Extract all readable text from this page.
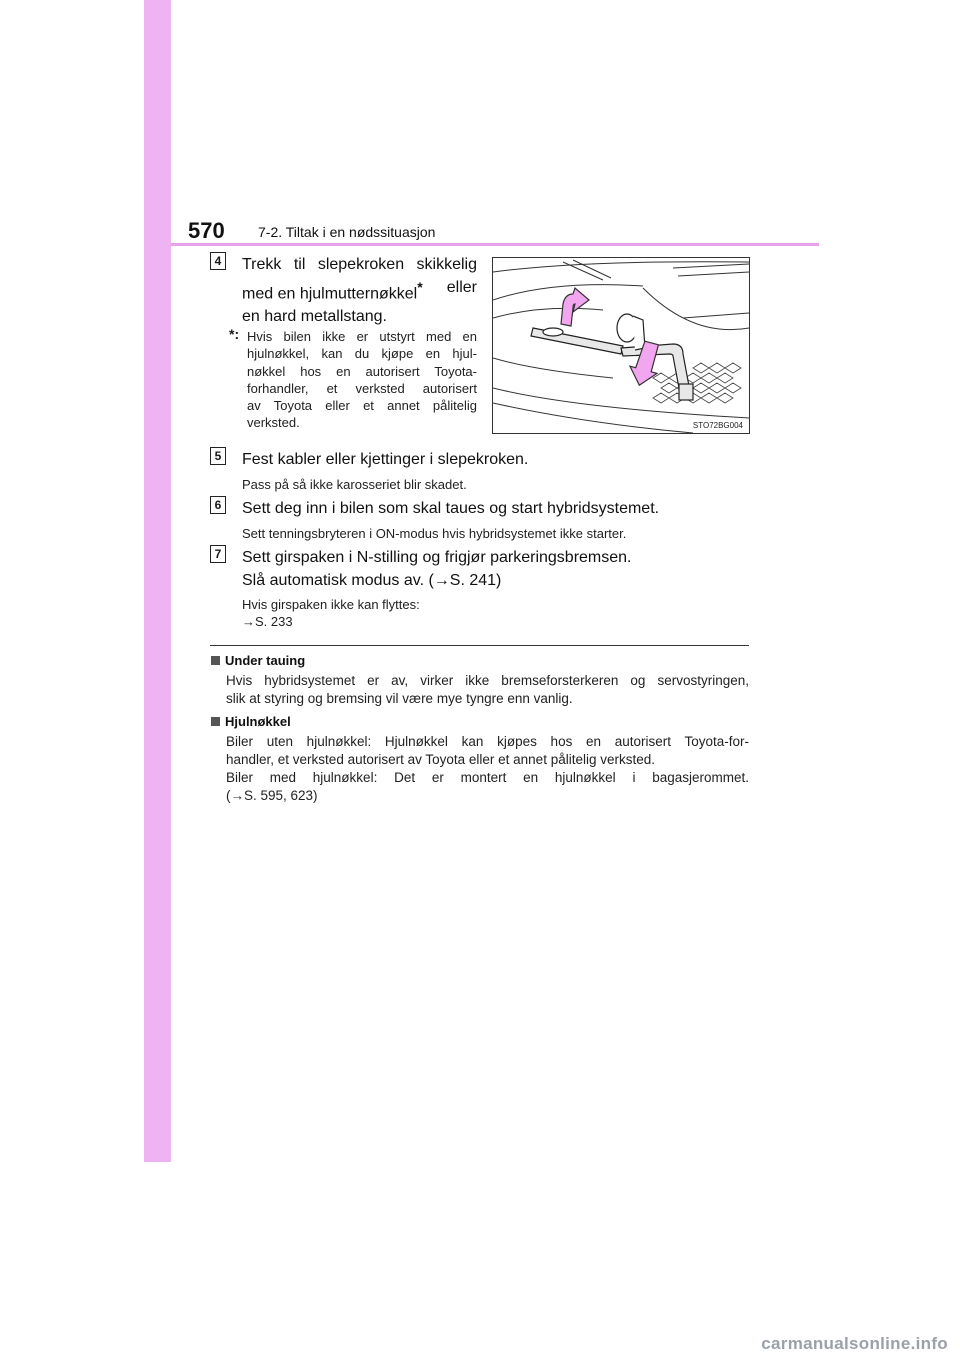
570 7-2. Tiltak i en nødssituasjon
4 Trekk til slepekroken skikkelig
med en hjulmutternøkkel* eller
en hard metallstang.
*: Hvis bilen ikke er utstyrt med en
hjulnøkkel, kan du kjøpe en hjul-
nøkkel hos en autorisert Toyota-
forhandler, et verksted autorisert
av Toyota eller et annet pålitelig
verksted.	STO72BG004
5 Fest kabler eller kjettinger i slepekroken.
Pass på så ikke karosseriet blir skadet.
6 Sett deg inn i bilen som skal taues og start hybridsystemet.
Sett tenningsbryteren i ON-modus hvis hybridsystemet ikke starter.
7 Sett girspaken i N-stilling og frigjør parkeringsbremsen.
Slå automatisk modus av. (→S. 241)
Hvis girspaken ikke kan flyttes:
→S. 233
Under tauing
Hvis hybridsystemet er av, virker ikke bremseforsterkeren og servostyringen,
slik at styring og bremsing vil være mye tyngre enn vanlig.
Hjulnøkkel
Biler uten hjulnøkkel: Hjulnøkkel kan kjøpes hos en autorisert Toyota-for-
handler, et verksted autorisert av Toyota eller et annet pålitelig verksted.
Biler med hjulnøkkel: Det er montert en hjulnøkkel i bagasjerommet.
(→S. 595, 623)
carmanualsonline.info
